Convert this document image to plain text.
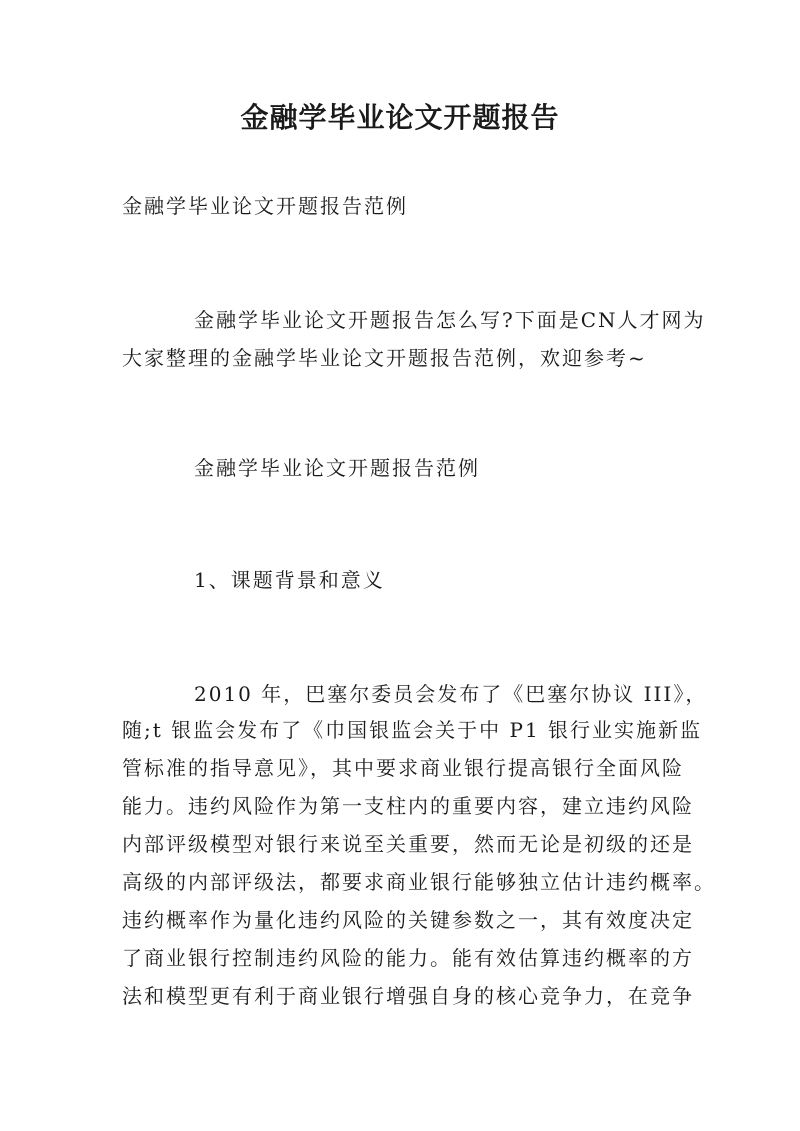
金融学毕业论文开题报告
金融学毕业论文开题报告范例
金融学毕业论文开题报告怎么写?下面是CN人才网为
大家整理的金融学毕业论文开题报告范例，欢迎参考~
金融学毕业论文开题报告范例
1、课题背景和意义
2010 年，巴塞尔委员会发布了《巴塞尔协议 III》，
随;t 银监会发布了《巾国银监会关于中 P1 银行业实施新监
管标准的指导意见》，其中要求商业银行提高银行全面风险
能力。违约风险作为第一支柱内的重要内容，建立违约风险
内部评级模型对银行来说至关重要，然而无论是初级的还是
高级的内部评级法，都要求商业银行能够独立估计违约概率。
违约概率作为量化违约风险的关键参数之一，其有效度决定
了商业银行控制违约风险的能力。能有效估算违约概率的方
法和模型更有利于商业银行增强自身的核心竞争力，在竞争
